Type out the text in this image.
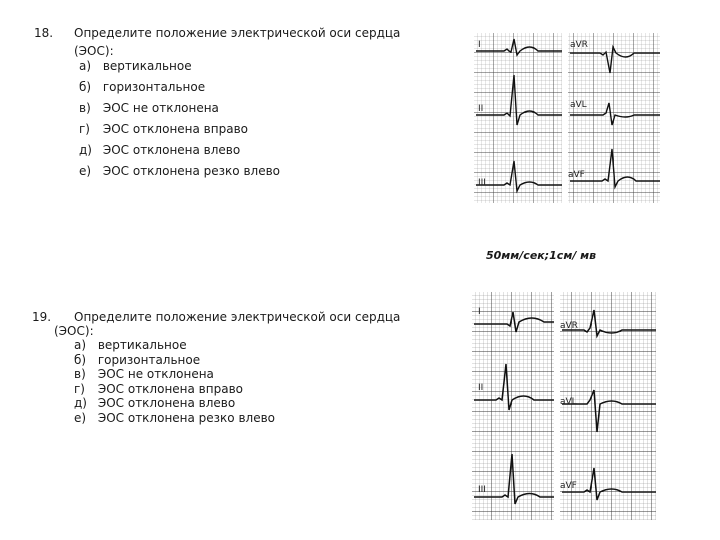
18. Определите положение электрической оси сердца (ЭОС):
а) вертикальное
б) горизонтальное
в) ЭОС не отклонена
г) ЭОС отклонена вправо
д) ЭОС отклонена влево
е) ЭОС отклонена резко влево
I
II
III
aVR
aVL
aVF
50мм/сек;1см/ мв
19. Определите положение электрической оси сердца
(ЭОС):
а) вертикальное
б) горизонтальное
в) ЭОС не отклонена
г) ЭОС отклонена вправо
д) ЭОС отклонена влево
е) ЭОС отклонена резко влево
I
II
III
aVR
aVL
aVF
